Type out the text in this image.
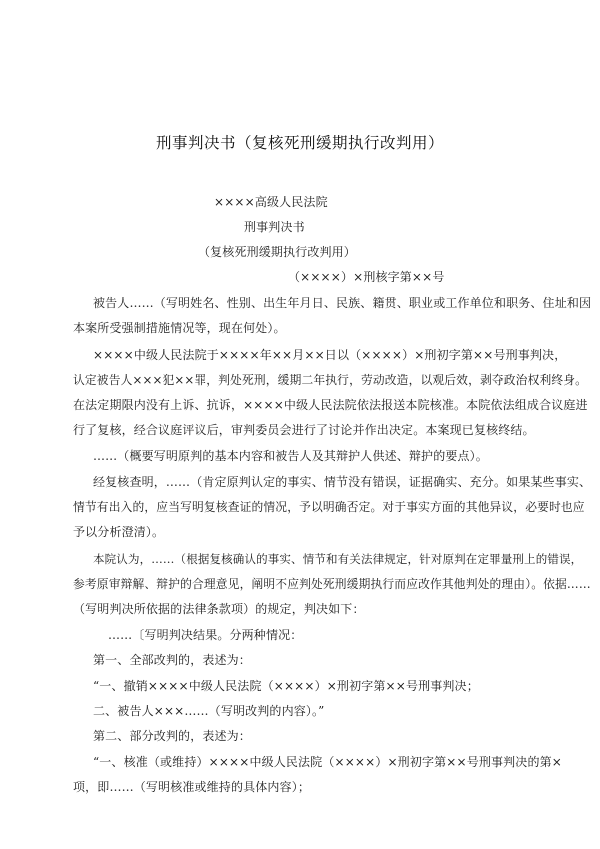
刑事判决书（复核死刑缓期执行改判用）
××××高级人民法院
刑事判决书
（复核死刑缓期执行改判用）
（××××）×刑核字第××号
被告人……（写明姓名、性别、出生年月日、民族、籍贯、职业或工作单位和职务、住址和因
本案所受强制措施情况等，现在何处）。
××××中级人民法院于××××年××月××日以（××××）×刑初字第××号刑事判决，
认定被告人×××犯××罪，判处死刑，缓期二年执行，劳动改造，以观后效，剥夺政治权利终身。
在法定期限内没有上诉、抗诉，××××中级人民法院依法报送本院核准。本院依法组成合议庭进
行了复核，经合议庭评议后，审判委员会进行了讨论并作出决定。本案现已复核终结。
……（概要写明原判的基本内容和被告人及其辩护人供述、辩护的要点）。
经复核查明，……（肯定原判认定的事实、情节没有错误，证据确实、充分。如果某些事实、
情节有出入的，应当写明复核查证的情况，予以明确否定。对于事实方面的其他异议，必要时也应
予以分析澄清）。
本院认为，……（根据复核确认的事实、情节和有关法律规定，针对原判在定罪量刑上的错误，
参考原审辩解、辩护的合理意见，阐明不应判处死刑缓期执行而应改作其他判处的理由）。依据……
（写明判决所依据的法律条款项）的规定，判决如下：
……〔写明判决结果。分两种情况：
第一、全部改判的，表述为：
“一、撤销××××中级人民法院（××××）×刑初字第××号刑事判决；
二、被告人×××……（写明改判的内容）。”
第二、部分改判的，表述为：
“一、核准（或维持）××××中级人民法院（××××）×刑初字第××号刑事判决的第×
项，即……（写明核准或维持的具体内容）；
